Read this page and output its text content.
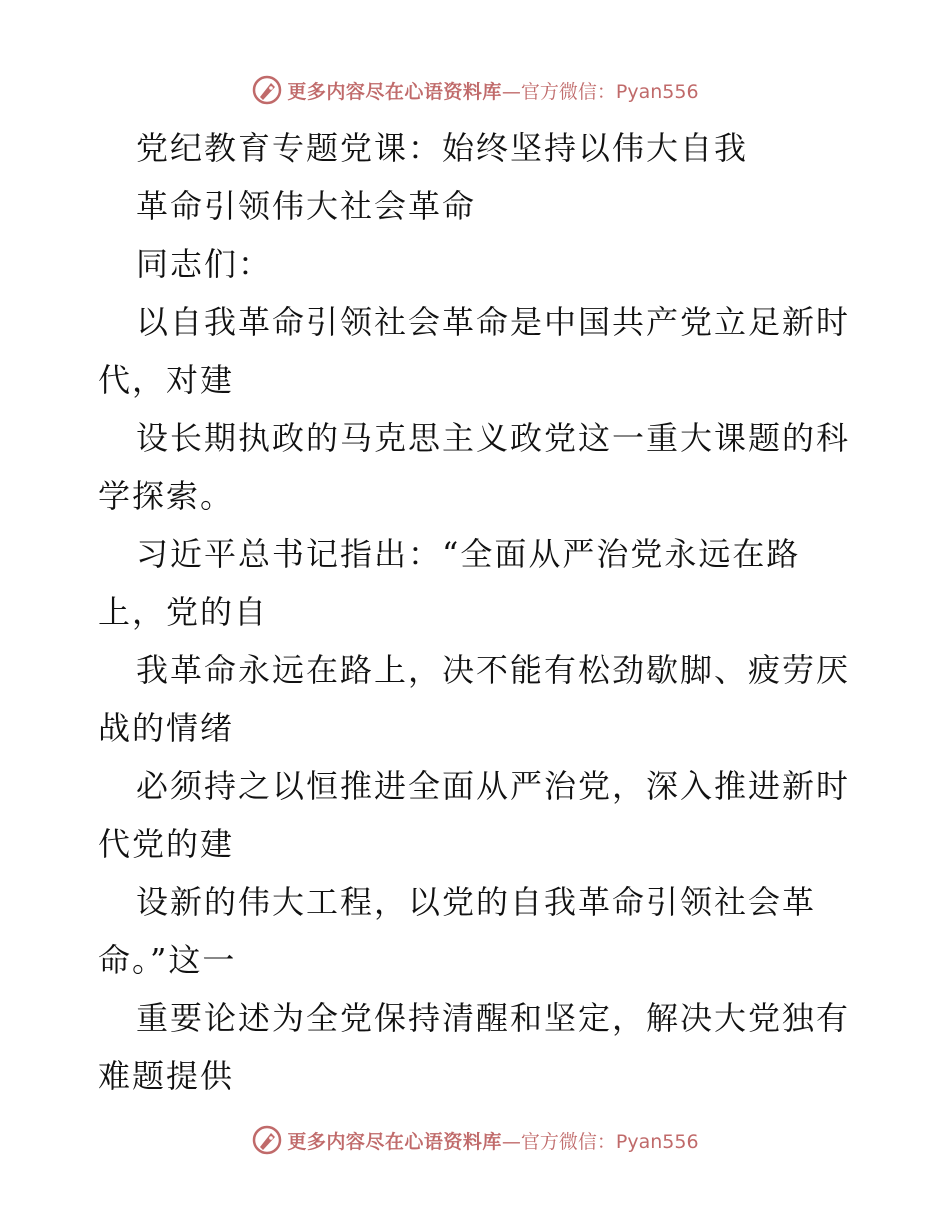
更多内容尽在心语资料库 —官方微信：Pyan556
党纪教育专题党课：始终坚持以伟大自我
革命引领伟大社会革命
同志们：
以自我革命引领社会革命是中国共产党立足新时
代，对建
设长期执政的马克思主义政党这一重大课题的科
学探索。
习近平总书记指出：“全面从严治党永远在路
上，党的自
我革命永远在路上，决不能有松劲歇脚、疲劳厌
战的情绪
必须持之以恒推进全面从严治党，深入推进新时
代党的建
设新的伟大工程，以党的自我革命引领社会革
命。”这一
重要论述为全党保持清醒和坚定，解决大党独有
难题提供
更多内容尽在心语资料库 —官方微信：Pyan556
